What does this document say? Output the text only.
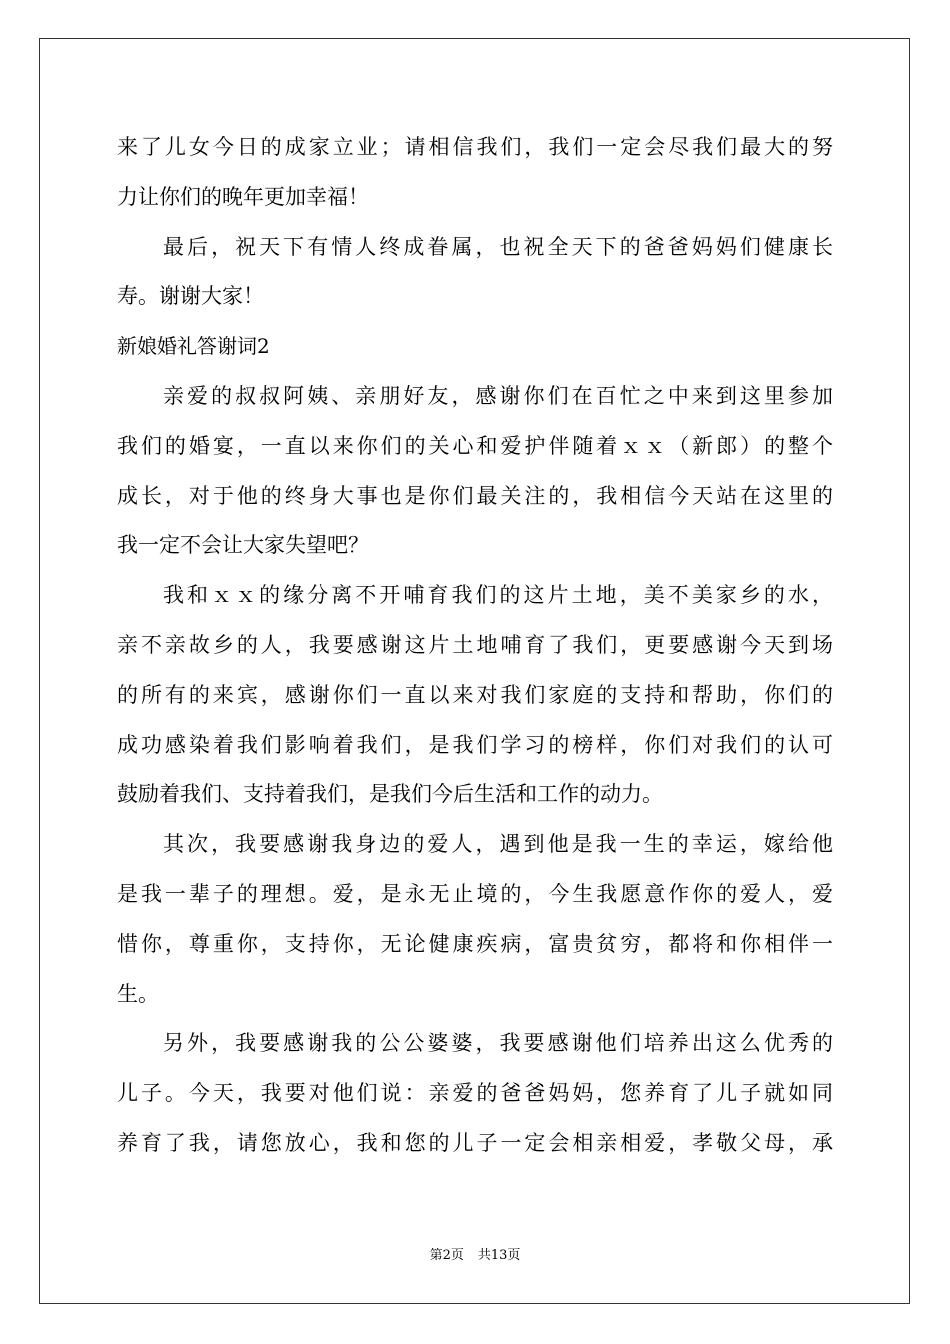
来了儿女今日的成家立业；请相信我们，我们一定会尽我们最大的努
力让你们的晚年更加幸福！
最后，祝天下有情人终成眷属，也祝全天下的爸爸妈妈们健康长
寿。谢谢大家！
新娘婚礼答谢词2
亲爱的叔叔阿姨、亲朋好友，感谢你们在百忙之中来到这里参加
我们的婚宴，一直以来你们的关心和爱护伴随着ｘｘ（新郎）的整个
成长，对于他的终身大事也是你们最关注的，我相信今天站在这里的
我一定不会让大家失望吧？
我和ｘｘ的缘分离不开哺育我们的这片土地，美不美家乡的水，
亲不亲故乡的人，我要感谢这片土地哺育了我们，更要感谢今天到场
的所有的来宾，感谢你们一直以来对我们家庭的支持和帮助，你们的
成功感染着我们影响着我们，是我们学习的榜样，你们对我们的认可
鼓励着我们、支持着我们，是我们今后生活和工作的动力。
其次，我要感谢我身边的爱人，遇到他是我一生的幸运，嫁给他
是我一辈子的理想。爱，是永无止境的，今生我愿意作你的爱人，爱
惜你，尊重你，支持你，无论健康疾病，富贵贫穷，都将和你相伴一
生。
另外，我要感谢我的公公婆婆，我要感谢他们培养出这么优秀的
儿子。今天，我要对他们说：亲爱的爸爸妈妈，您养育了儿子就如同
养育了我，请您放心，我和您的儿子一定会相亲相爱，孝敬父母，承
第2页 共13页
